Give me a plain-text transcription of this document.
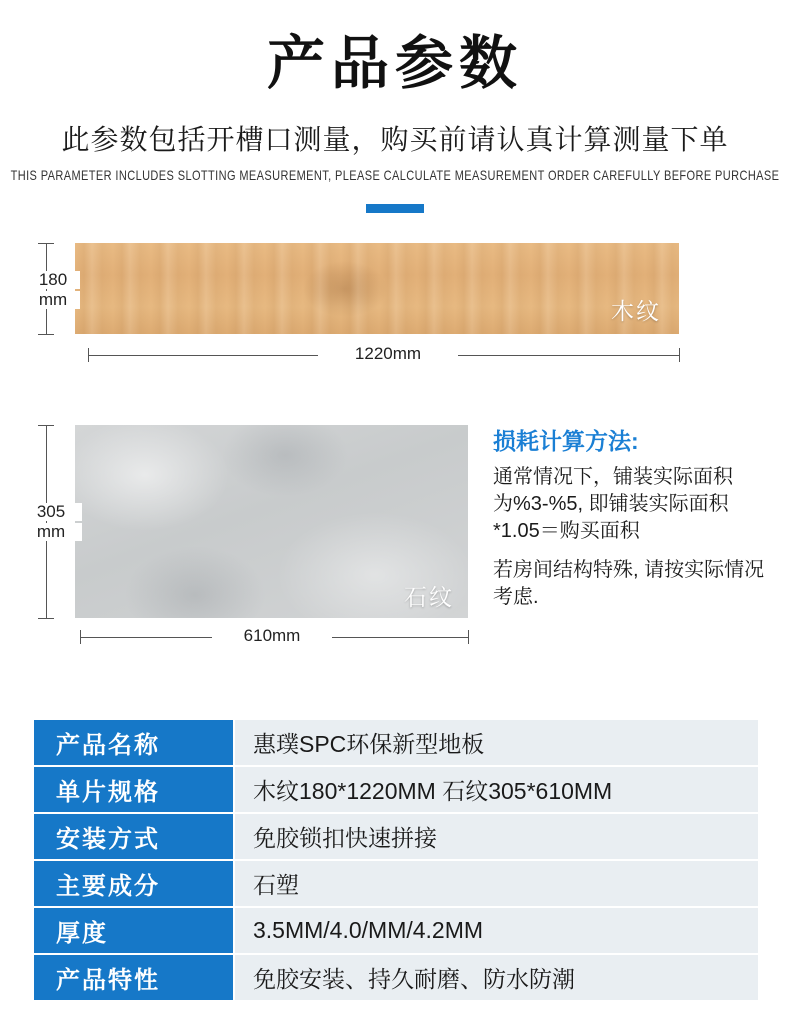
产品参数
此参数包括开槽口测量，购买前请认真计算测量下单
THIS PARAMETER INCLUDES SLOTTING MEASUREMENT, PLEASE CALCULATE MEASUREMENT ORDER CAREFULLY BEFORE PURCHASE
木纹
180
mm
1220mm
石纹
305
mm
610mm
损耗计算方法:

通常情况下，铺装实际面积为%3-%5, 即铺装实际面积*1.05＝购买面积

若房间结构特殊, 请按实际情况考虑.

产品名称	惠璞SPC环保新型地板
单片规格	木纹180*1220MM 石纹305*610MM
安装方式	免胶锁扣快速拼接
主要成分	石塑
厚度	3.5MM/4.0/MM/4.2MM
产品特性	免胶安装、持久耐磨、防水防潮
